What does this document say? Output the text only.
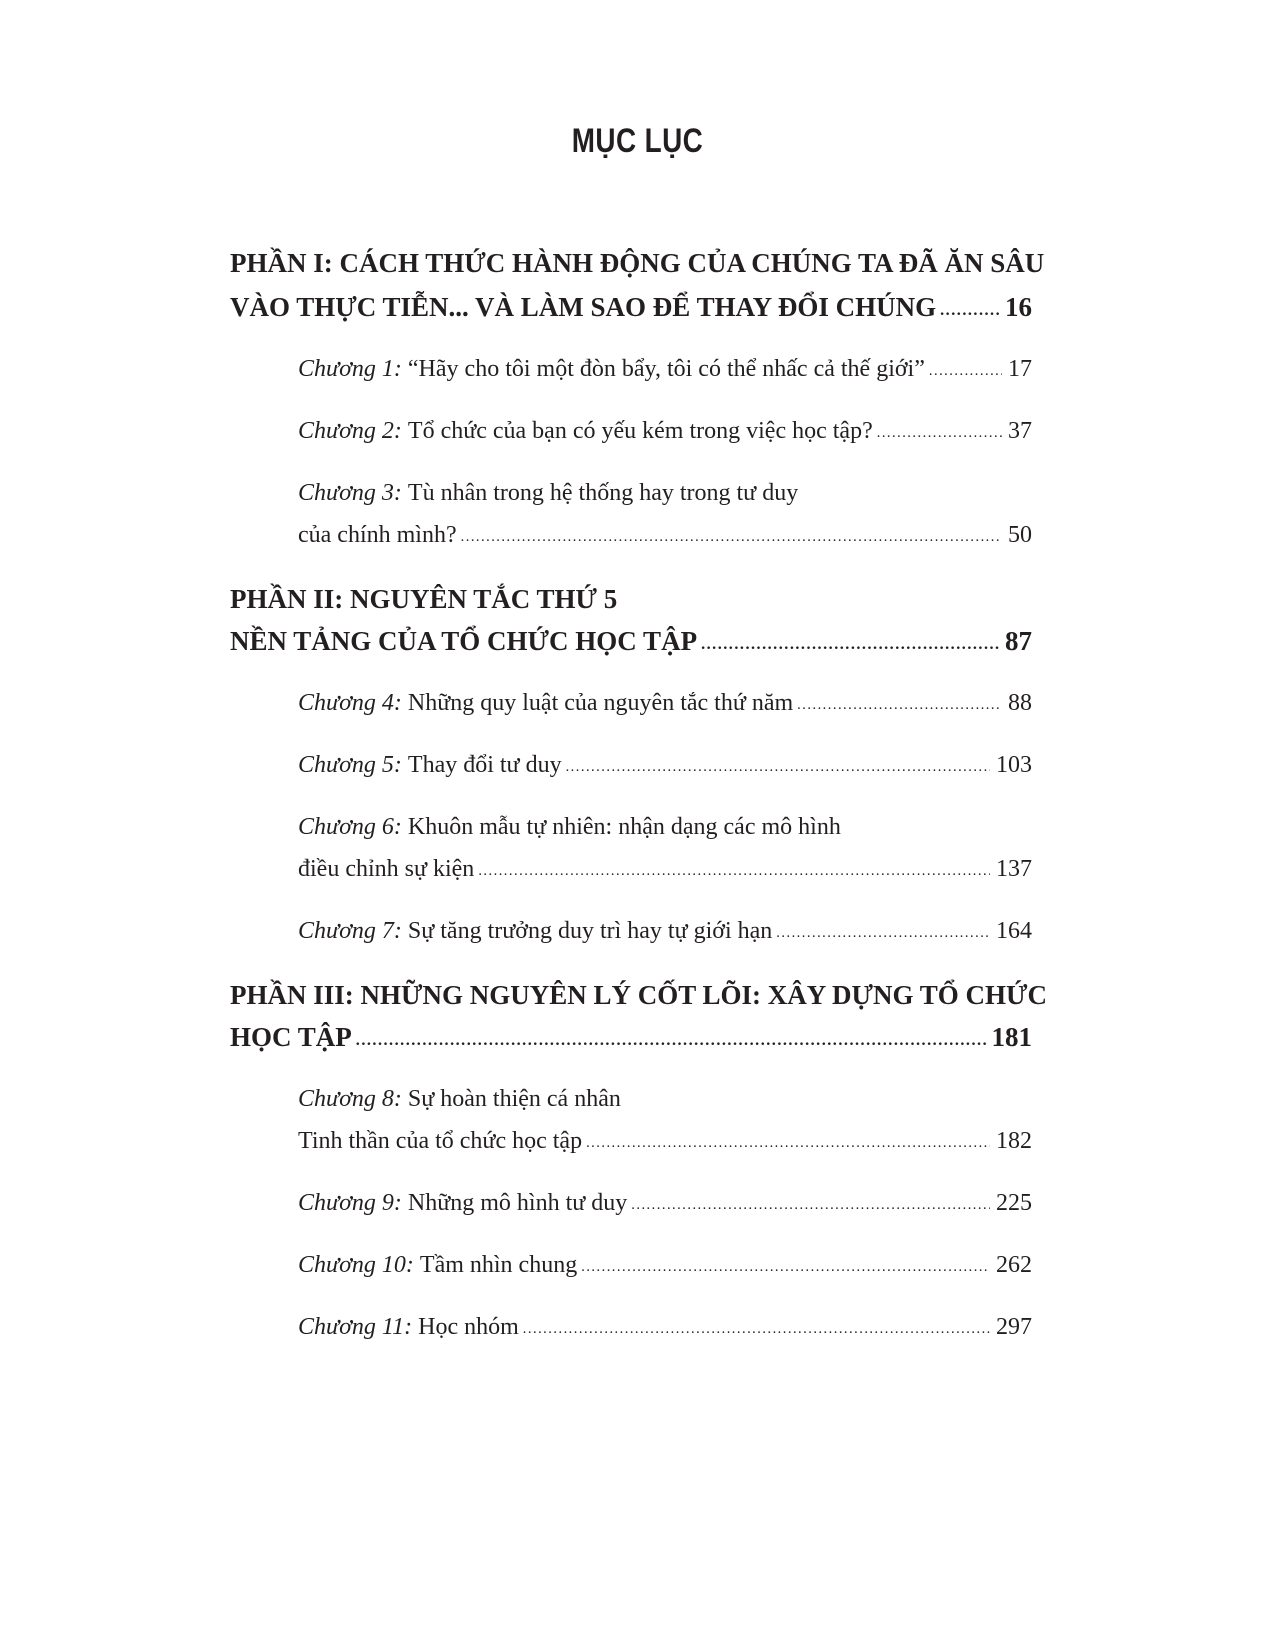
MỤC LỤC
PHẦN I: CÁCH THỨC HÀNH ĐỘNG CỦA CHÚNG TA ĐÃ ĂN SÂU
VÀO THỰC TIỄN... VÀ LÀM SAO ĐỂ THAY ĐỔI CHÚNG .....	16
Chương 1:
“Hãy cho tôi một đòn bẩy, tôi có thể nhấc cả thế giới” .....	17
Chương 2:
Tổ chức của bạn có yếu kém trong việc học tập? .....	37
Chương 3:
Tù nhân trong hệ thống hay trong tư duy
của chính mình? .....	50
PHẦN II: NGUYÊN TẮC THỨ 5
NỀN TẢNG CỦA TỔ CHỨC HỌC TẬP .....	87
Chương 4:
Những quy luật của nguyên tắc thứ năm .....	88
Chương 5:
Thay đổi tư duy .....	103
Chương 6:
Khuôn mẫu tự nhiên: nhận dạng các mô hình
điều chỉnh sự kiện .....	137
Chương 7:
Sự tăng trưởng duy trì hay tự giới hạn .....	164
PHẦN III: NHỮNG NGUYÊN LÝ CỐT LÕI: XÂY DỰNG TỔ CHỨC
HỌC TẬP .....	181
Chương 8:
Sự hoàn thiện cá nhân
Tinh thần của tổ chức học tập .....	182
Chương 9:
Những mô hình tư duy .....	225
Chương 10:
Tầm nhìn chung .....	262
Chương 11:
Học nhóm .....	297
